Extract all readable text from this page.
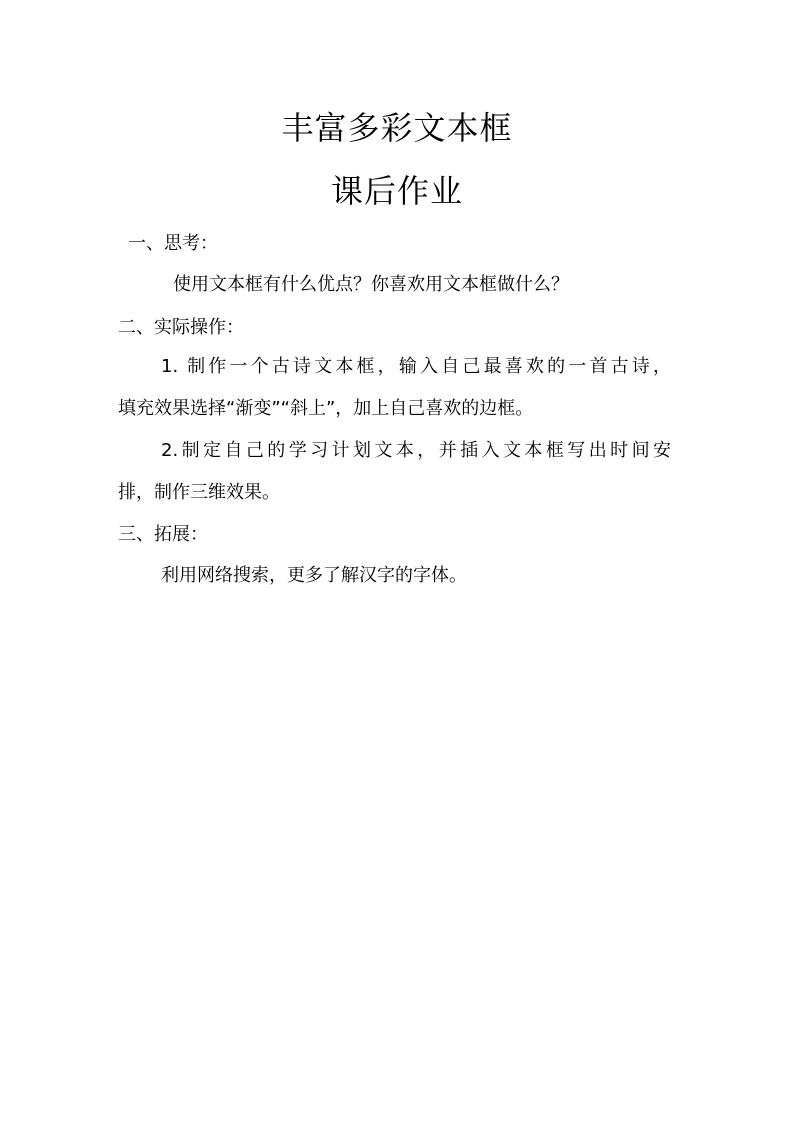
丰富多彩文本框
课后作业
一、思考：
使用文本框有什么优点？你喜欢用文本框做什么？
二、实际操作：
1. 制作一个古诗文本框，输入自己最喜欢的一首古诗，
填充效果选择“渐变”“斜上”，加上自己喜欢的边框。
2.制定自己的学习计划文本，并插入文本框写出时间安
排，制作三维效果。
三、拓展：
利用网络搜索，更多了解汉字的字体。
